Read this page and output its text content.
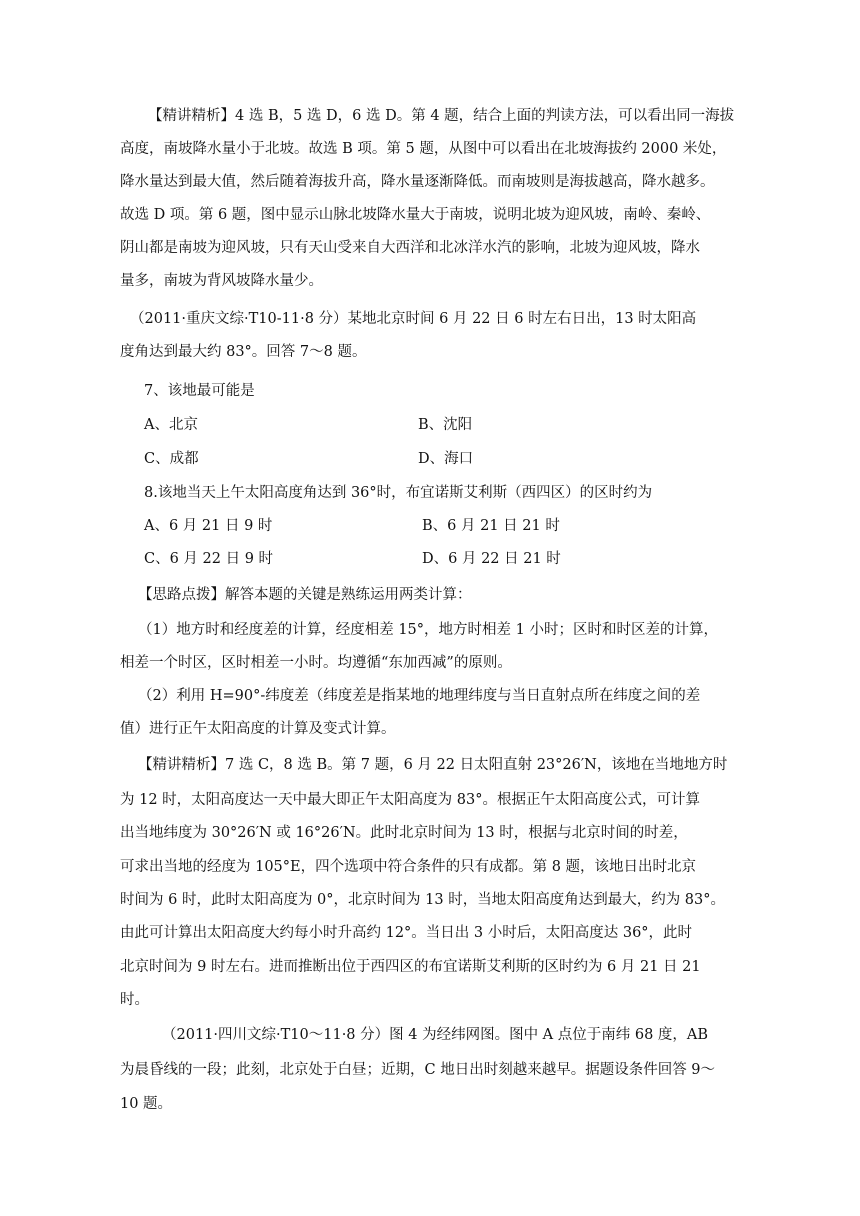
【精讲精析】4 选 B，5 选 D，6 选 D。第 4 题，结合上面的判读方法，可以看出同一海拔
高度，南坡降水量小于北坡。故选 B 项。第 5 题，从图中可以看出在北坡海拔约 2000 米处，
降水量达到最大值，然后随着海拔升高，降水量逐渐降低。而南坡则是海拔越高，降水越多。
故选 D 项。第 6 题，图中显示山脉北坡降水量大于南坡，说明北坡为迎风坡，南岭、秦岭、
阴山都是南坡为迎风坡，只有天山受来自大西洋和北冰洋水汽的影响，北坡为迎风坡，降水
量多，南坡为背风坡降水量少。
（2011·重庆文综·T10-11·8 分）某地北京时间 6 月 22 日 6 时左右日出，13 时太阳高
度角达到最大约 83°。回答 7～8 题。
7、该地最可能是
A、北京	B、沈阳
C、成都	D、海口
8.该地当天上午太阳高度角达到 36°时，布宜诺斯艾利斯（西四区）的区时约为
A、6 月 21 日 9 时	B、6 月 21 日 21 时
C、6 月 22 日 9 时	D、6 月 22 日 21 时
【思路点拨】解答本题的关键是熟练运用两类计算：
（1）地方时和经度差的计算，经度相差 15°，地方时相差 1 小时；区时和时区差的计算，
相差一个时区，区时相差一小时。均遵循“东加西减”的原则。
（2）利用 H=90°-纬度差（纬度差是指某地的地理纬度与当日直射点所在纬度之间的差
值）进行正午太阳高度的计算及变式计算。
【精讲精析】7 选 C，8 选 B。第 7 题，6 月 22 日太阳直射 23°26′N，该地在当地地方时
为 12 时，太阳高度达一天中最大即正午太阳高度为 83°。根据正午太阳高度公式，可计算
出当地纬度为 30°26′N 或 16°26′N。此时北京时间为 13 时，根据与北京时间的时差，
可求出当地的经度为 105°E，四个选项中符合条件的只有成都。第 8 题，该地日出时北京
时间为 6 时，此时太阳高度为 0°，北京时间为 13 时，当地太阳高度角达到最大，约为 83°。
由此可计算出太阳高度大约每小时升高约 12°。当日出 3 小时后，太阳高度达 36°，此时
北京时间为 9 时左右。进而推断出位于西四区的布宜诺斯艾利斯的区时约为 6 月 21 日 21
时。
（2011·四川文综·T10～11·8 分）图 4 为经纬网图。图中 A 点位于南纬 68 度，AB
为晨昏线的一段；此刻，北京处于白昼；近期，C 地日出时刻越来越早。据题设条件回答 9～
10 题。
